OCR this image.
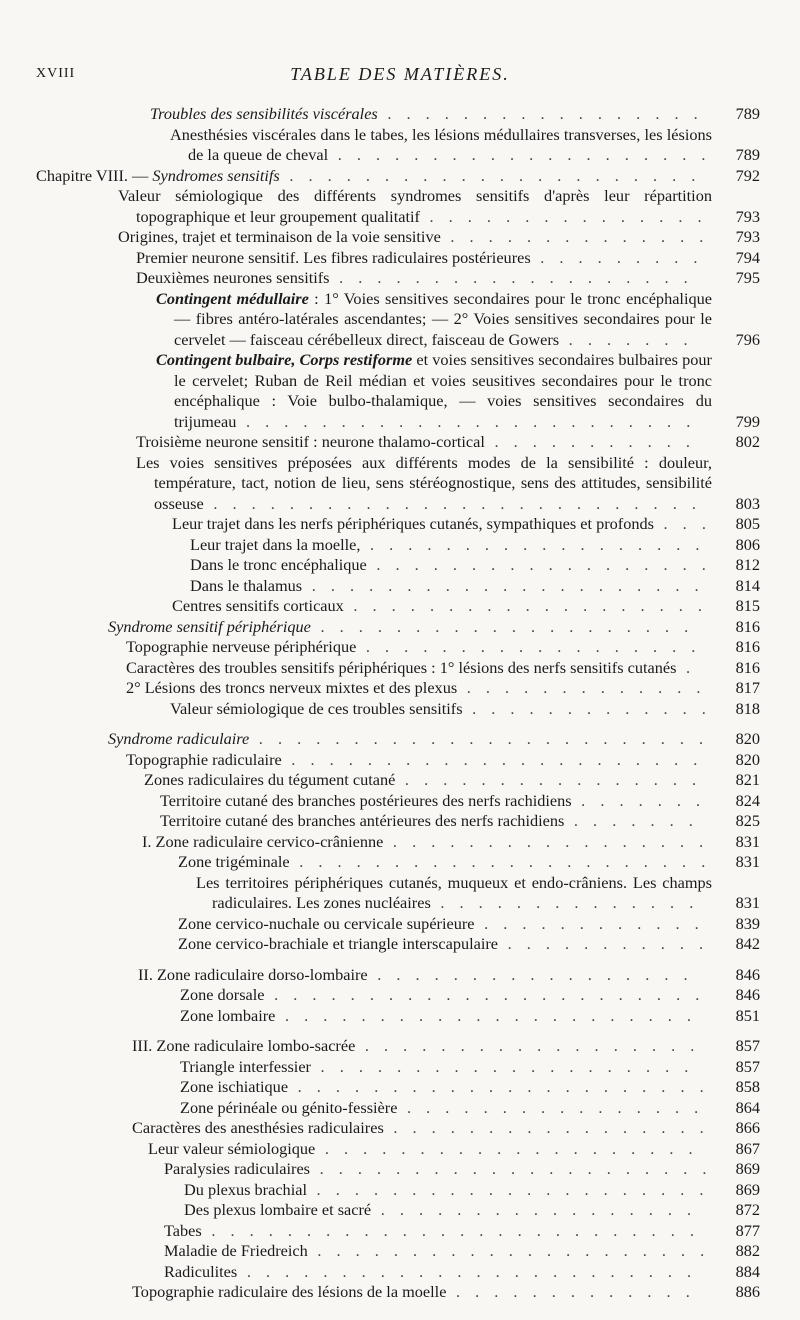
XVIII	TABLE DES MATIÈRES.
Troubles des sensibilités viscérales . . . . . . . . . . . . . . . . .	789
Anesthésies viscérales dans le tabes, les lésions médullaires transverses, les lésions de la queue de cheval . . . . . . . . . . . . . . . . . . . .	789
Chapitre VIII. — Syndromes sensitifs . . . . . . . . . . . . . . . . . . . . . .	792
Valeur sémiologique des différents syndromes sensitifs d'après leur répartition topographique et leur groupement qualitatif . . . . . . . . . . . . . . .	793
Origines, trajet et terminaison de la voie sensitive . . . . . . . . . . . . . .	793
Premier neurone sensitif. Les fibres radiculaires postérieures . . . . . . . . .	794
Deuxièmes neurones sensitifs . . . . . . . . . . . . . . . . . . .	795
Contingent médullaire : 1° Voies sensitives secondaires pour le tronc encéphalique — fibres antéro-latérales ascendantes; — 2° Voies sensitives secondaires pour le cervelet — faisceau cérébelleux direct, faisceau de Gowers . . . . . . .	796
Contingent bulbaire, Corps restiforme et voies sensitives secondaires bulbaires pour le cervelet; Ruban de Reil médian et voies seusitives secondaires pour le tronc encéphalique : Voie bulbo-thalamique, — voies sensitives secondaires du trijumeau . . . . . . . . . . . . . . . . . . . . . . . .	799
Troisième neurone sensitif : neurone thalamo-cortical . . . . . . . . . . .	802
Les voies sensitives préposées aux différents modes de la sensibilité : douleur, température, tact, notion de lieu, sens stéréognostique, sens des attitudes, sensibilité osseuse . . . . . . . . . . . . . . . . . . . . . . . . . .	803
Leur trajet dans les nerfs périphériques cutanés, sympathiques et profonds . . .	805
Leur trajet dans la moelle, . . . . . . . . . . . . . . . . . .	806
Dans le tronc encéphalique . . . . . . . . . . . . . . . . . .	812
Dans le thalamus . . . . . . . . . . . . . . . . . . . . .	814
Centres sensitifs corticaux . . . . . . . . . . . . . . . . . . .	815
Syndrome sensitif périphérique . . . . . . . . . . . . . . . . . . . .	816
Topographie nerveuse périphérique . . . . . . . . . . . . . . . . . .	816
Caractères des troubles sensitifs périphériques : 1° lésions des nerfs sensitifs cutanés .	816
2° Lésions des troncs nerveux mixtes et des plexus . . . . . . . . . . . . .	817
Valeur sémiologique de ces troubles sensitifs . . . . . . . . . . . . .	818
Syndrome radiculaire . . . . . . . . . . . . . . . . . . . . . . . .	820
Topographie radiculaire . . . . . . . . . . . . . . . . . . . . . .	820
Zones radiculaires du tégument cutané . . . . . . . . . . . . . . . .	821
Territoire cutané des branches postérieures des nerfs rachidiens . . . . . . .	824
Territoire cutané des branches antérieures des nerfs rachidiens . . . . . . .	825
I. Zone radiculaire cervico-crânienne . . . . . . . . . . . . . . . . .	831
Zone trigéminale . . . . . . . . . . . . . . . . . . . . . .	831
Les territoires périphériques cutanés, muqueux et endo-crâniens. Les champs radiculaires. Les zones nucléaires . . . . . . . . . . . . . .	831
Zone cervico-nuchale ou cervicale supérieure . . . . . . . . . . . .	839
Zone cervico-brachiale et triangle interscapulaire . . . . . . . . . . .	842
II. Zone radiculaire dorso-lombaire . . . . . . . . . . . . . . . . .	846
Zone dorsale . . . . . . . . . . . . . . . . . . . . . . .	846
Zone lombaire . . . . . . . . . . . . . . . . . . . . . .	851
III. Zone radiculaire lombo-sacrée . . . . . . . . . . . . . . . . . .	857
Triangle interfessier . . . . . . . . . . . . . . . . . . . .	857
Zone ischiatique . . . . . . . . . . . . . . . . . . . . . .	858
Zone périnéale ou génito-fessière . . . . . . . . . . . . . . . .	864
Caractères des anesthésies radiculaires . . . . . . . . . . . . . . . . .	866
Leur valeur sémiologique . . . . . . . . . . . . . . . . . . . .	867
Paralysies radiculaires . . . . . . . . . . . . . . . . . . . . .	869
Du plexus brachial . . . . . . . . . . . . . . . . . . . . .	869
Des plexus lombaire et sacré . . . . . . . . . . . . . . . . .	872
Tabes . . . . . . . . . . . . . . . . . . . . . . . . . .	877
Maladie de Friedreich . . . . . . . . . . . . . . . . . . . . .	882
Radiculites . . . . . . . . . . . . . . . . . . . . . . . .	884
Topographie radiculaire des lésions de la moelle . . . . . . . . . . . . .	886
